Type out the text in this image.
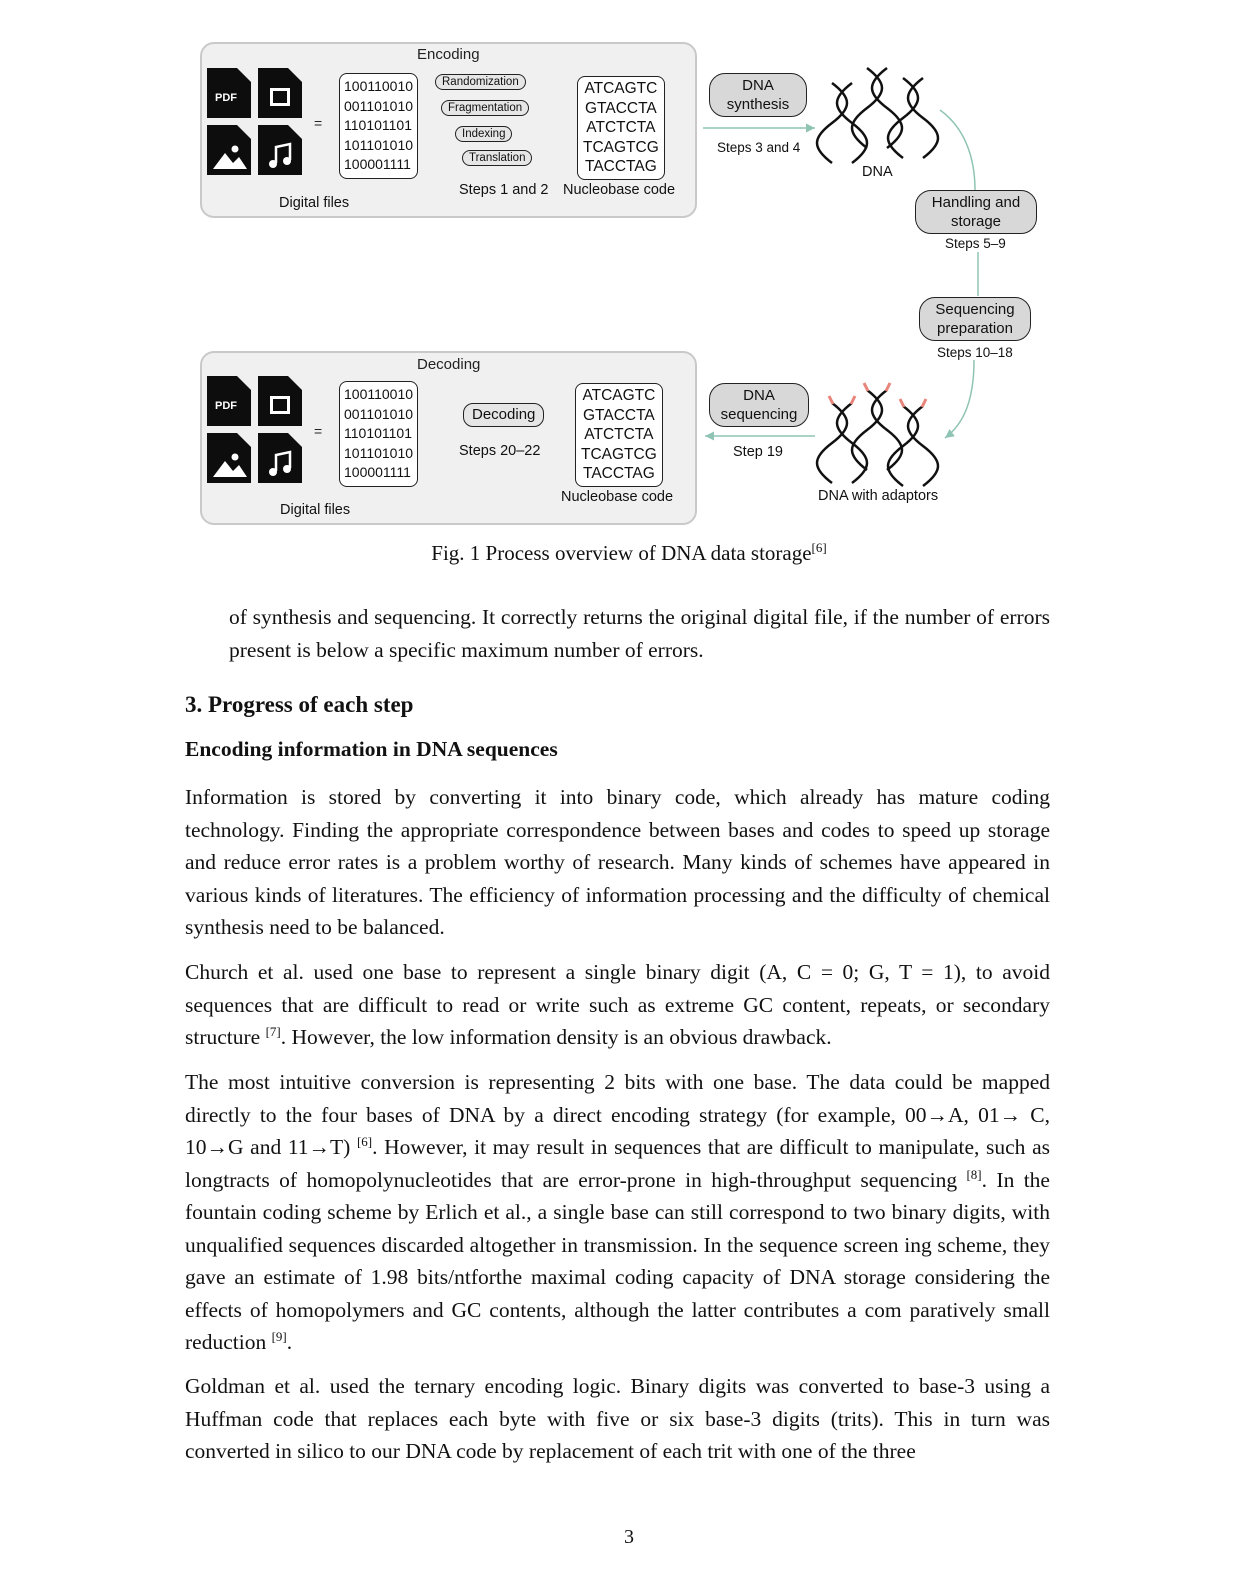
Encoding
PDF
=
100110010
001101010
110101101
101101010
100001111
Randomization
Fragmentation
Indexing
Translation
ATCAGTC
GTACCTA
ATCTCTA
TCAGTCG
TACCTAG
Steps 1 and 2 Nucleobase code
Digital files
DNA
synthesis
Steps 3 and 4
DNA
Handling and
storage
Steps 5–9
Sequencing
preparation
Steps 10–18
Decoding
PDF
=
100110010
001101010
110101101
101101010
100001111
Decoding
Steps 20–22
ATCAGTC
GTACCTA
ATCTCTA
TCAGTCG
TACCTAG
Nucleobase code
Digital files
DNA
sequencing
Step 19
DNA with adaptors
Fig. 1 Process overview of DNA data storage[6]

of synthesis and sequencing. It correctly returns the original digital file, if the number of errors present is below a specific maximum number of errors.

3. Progress of each step
Encoding information in DNA sequences

Information is stored by converting it into binary code, which already has mature coding technology. Finding the appropriate correspondence between bases and codes to speed up storage and reduce error rates is a problem worthy of research. Many kinds of schemes have appeared in various kinds of literatures. The efficiency of information processing and the difficulty of chemical synthesis need to be balanced.

Church et al. used one base to represent a single binary digit (A, C = 0; G, T = 1), to avoid sequences that are difficult to read or write such as extreme GC content, repeats, or secondary structure [7]. However, the low information density is an obvious drawback.

The most intuitive conversion is representing 2 bits with one base. The data could be mapped directly to the four bases of DNA by a direct encoding strategy (for example, 00→A, 01→ C, 10→G and 11→T) [6]. However, it may result in sequences that are difficult to manipulate, such as longtracts of homopolynucleotides that are error-prone in high-throughput sequencing [8]. In the fountain coding scheme by Erlich et al., a single base can still correspond to two binary digits, with unqualified sequences discarded altogether in transmission. In the sequence screen ing scheme, they gave an estimate of 1.98 bits/ntforthe maximal coding capacity of DNA storage considering the effects of homopolymers and GC contents, although the latter contributes a com paratively small reduction [9].

Goldman et al. used the ternary encoding logic. Binary digits was converted to base-3 using a Huffman code that replaces each byte with five or six base-3 digits (trits). This in turn was converted in silico to our DNA code by replacement of each trit with one of the three

3
